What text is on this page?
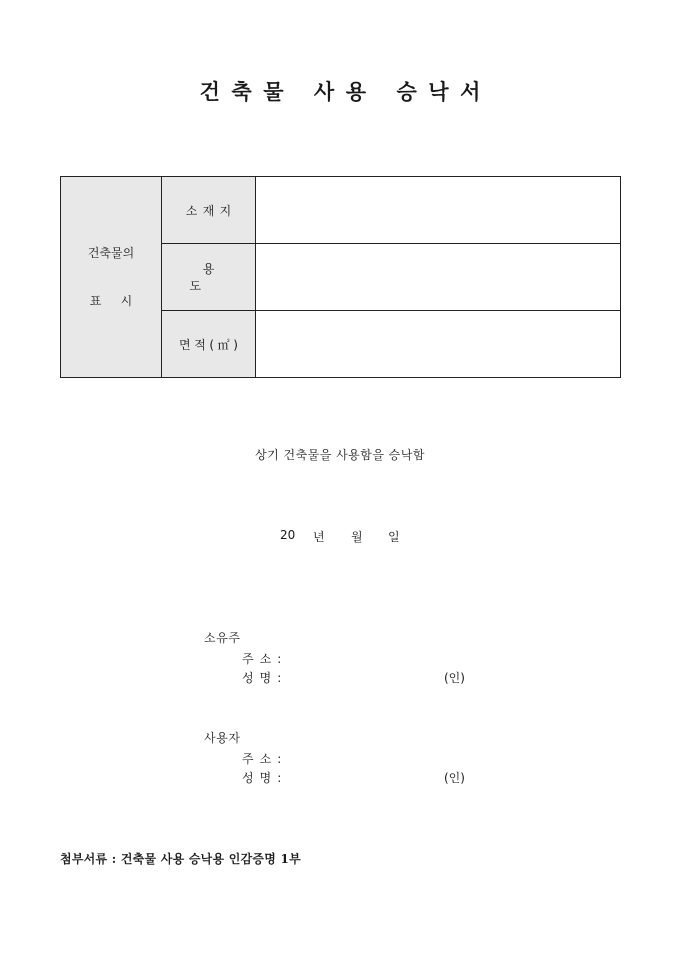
건축물 사용 승낙서
건축물의
표시	소재지	
	용도	
	면적(㎡)	
상기 건축물을 사용함을 승낙함
20 년 월 일
소유주
주소:
성명:	(인)
사용자
주소:
성명:	(인)
첨부서류 : 건축물 사용 승낙용 인감증명 1부
